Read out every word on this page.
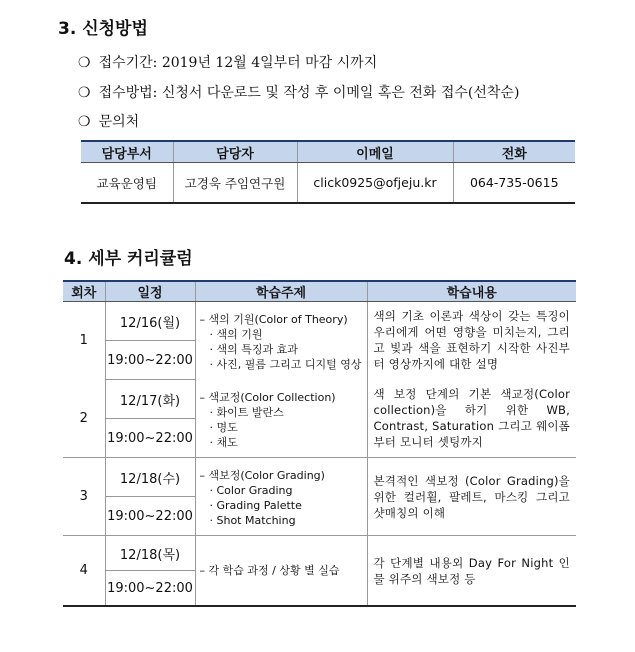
3. 신청방법
❍ 접수기간: 2019년 12월 4일부터 마감 시까지
❍ 접수방법: 신청서 다운로드 및 작성 후 이메일 혹은 전화 접수(선착순)
❍ 문의처
담당부서	담당자	이메일	전화
교육운영팀	고경욱 주임연구원	click0925@ofjeju.kr	064-735-0615
4. 세부 커리큘럼
회차	일정	학습주제	학습내용
1	12/16(월)	– 색의 기원(Color of Theory)
· 색의 기원
· 색의 특징과 효과
· 사진, 필름 그리고 디지털 영상	색의 기초 이론과 색상이 갖는 특징이 우리에게 어떤 영향을 미치는지, 그리고 빛과 색을 표현하기 시작한 사진부터 영상까지에 대한 설명
	19:00~22:00		
2	12/17(화)	– 색교정(Color Collection)
· 화이트 발란스
· 명도
· 채도	색 보정 단계의 기본 색교정(Color collection)을 하기 위한 WB, Contrast, Saturation 그리고 웨이폼부터 모니터 셋팅까지
	19:00~22:00		
3	12/18(수)	– 색보정(Color Grading)
· Color Grading
· Grading Palette
· Shot Matching	본격적인 색보정 (Color Grading)을 위한 컬러휠, 팔레트, 마스킹 그리고 샷매칭의 이해
	19:00~22:00		
4	12/18(목)	– 각 학습 과정 / 상황 별 실습	각 단계별 내용외 Day For Night 인물 위주의 색보정 등
	19:00~22:00		
